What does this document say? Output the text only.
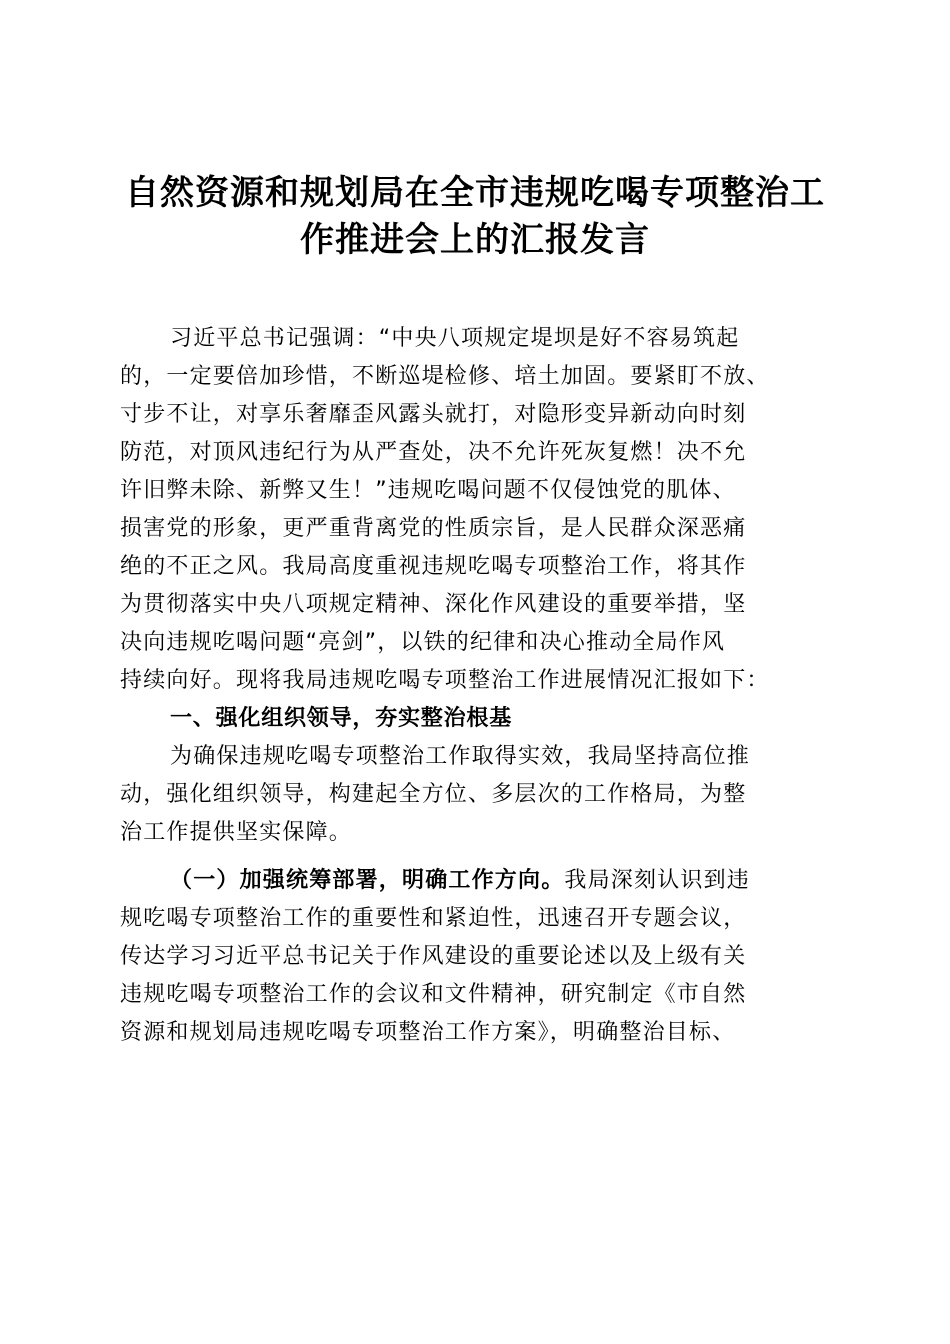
自然资源和规划局在全市违规吃喝专项整治工
作推进会上的汇报发言
习近平总书记强调：“中央八项规定堤坝是好不容易筑起
的，一定要倍加珍惜，不断巡堤检修、培土加固。要紧盯不放、
寸步不让，对享乐奢靡歪风露头就打，对隐形变异新动向时刻
防范，对顶风违纪行为从严查处，决不允许死灰复燃！决不允
许旧弊未除、新弊又生！”违规吃喝问题不仅侵蚀党的肌体、
损害党的形象，更严重背离党的性质宗旨，是人民群众深恶痛
绝的不正之风。我局高度重视违规吃喝专项整治工作，将其作
为贯彻落实中央八项规定精神、深化作风建设的重要举措，坚
决向违规吃喝问题“亮剑”，以铁的纪律和决心推动全局作风
持续向好。现将我局违规吃喝专项整治工作进展情况汇报如下：
一、强化组织领导，夯实整治根基
为确保违规吃喝专项整治工作取得实效，我局坚持高位推
动，强化组织领导，构建起全方位、多层次的工作格局，为整
治工作提供坚实保障。
（一）加强统筹部署，明确工作方向。我局深刻认识到违
规吃喝专项整治工作的重要性和紧迫性，迅速召开专题会议，
传达学习习近平总书记关于作风建设的重要论述以及上级有关
违规吃喝专项整治工作的会议和文件精神，研究制定《市自然
资源和规划局违规吃喝专项整治工作方案》，明确整治目标、
